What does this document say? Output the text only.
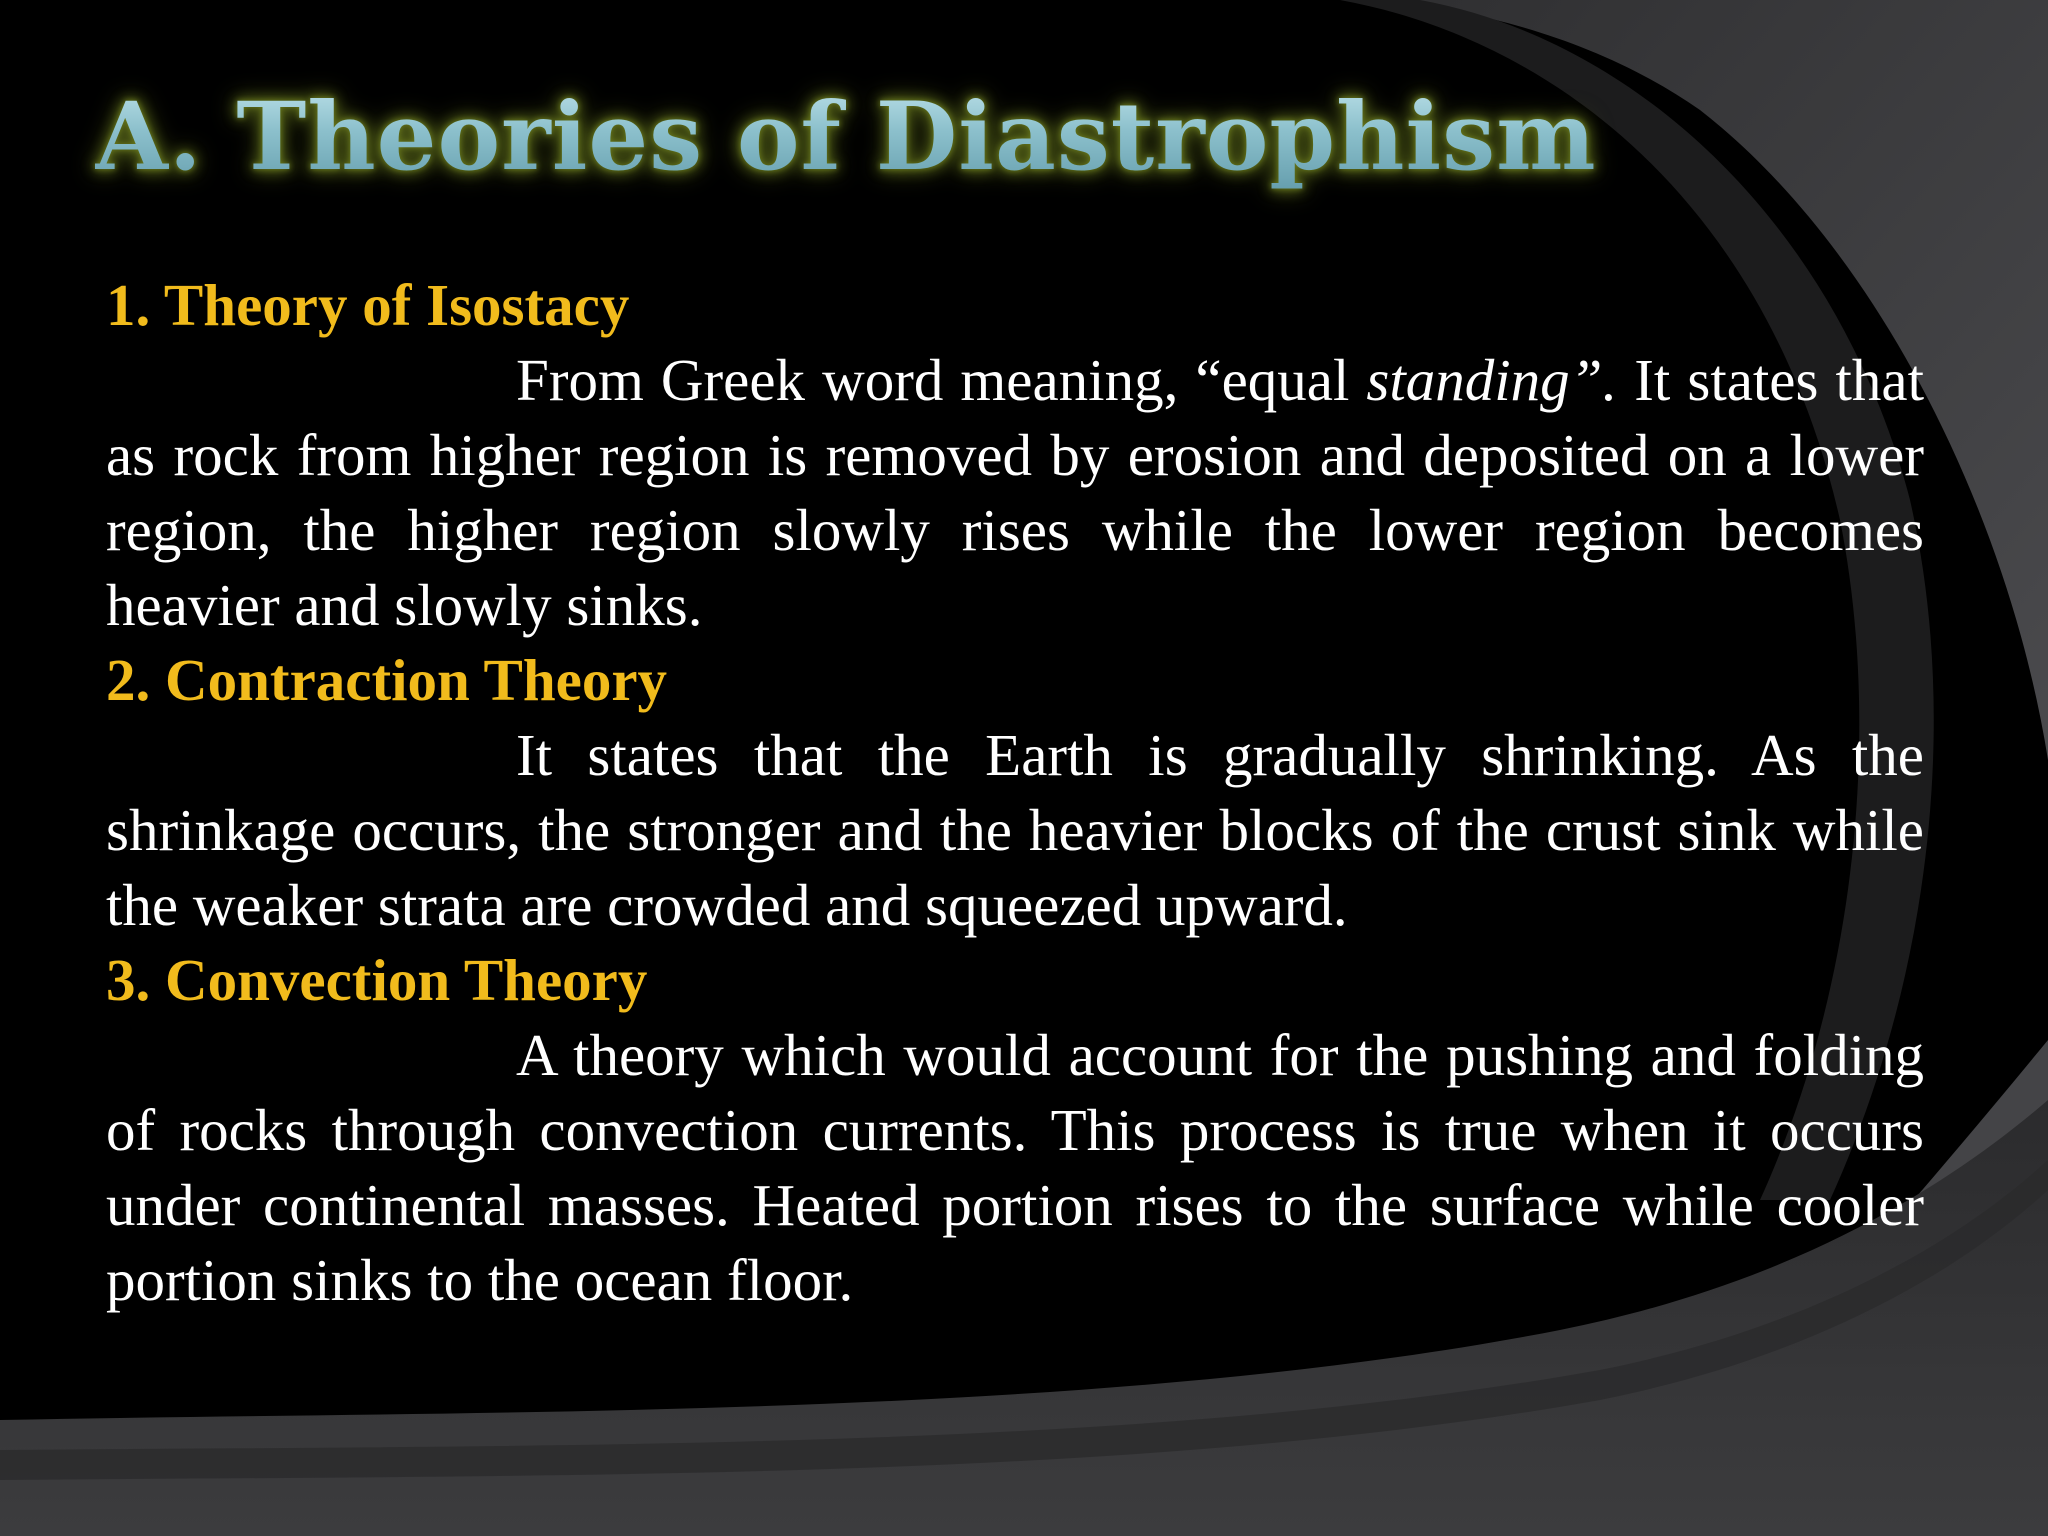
A. Theories of Diastrophism

1. Theory of Isostacy

From Greek word meaning, “equal standing”. It states that as rock from higher region is removed by erosion and deposited on a lower region, the higher region slowly rises while the lower region becomes heavier and slowly sinks.

2. Contraction Theory

It states that the Earth is gradually shrinking. As the shrinkage occurs, the stronger and the heavier blocks of the crust sink while the weaker strata are crowded and squeezed upward.

3. Convection Theory

A theory which would account for the pushing and folding of rocks through convection currents. This process is true when it occurs under continental masses. Heated portion rises to the surface while cooler portion sinks to the ocean floor.
